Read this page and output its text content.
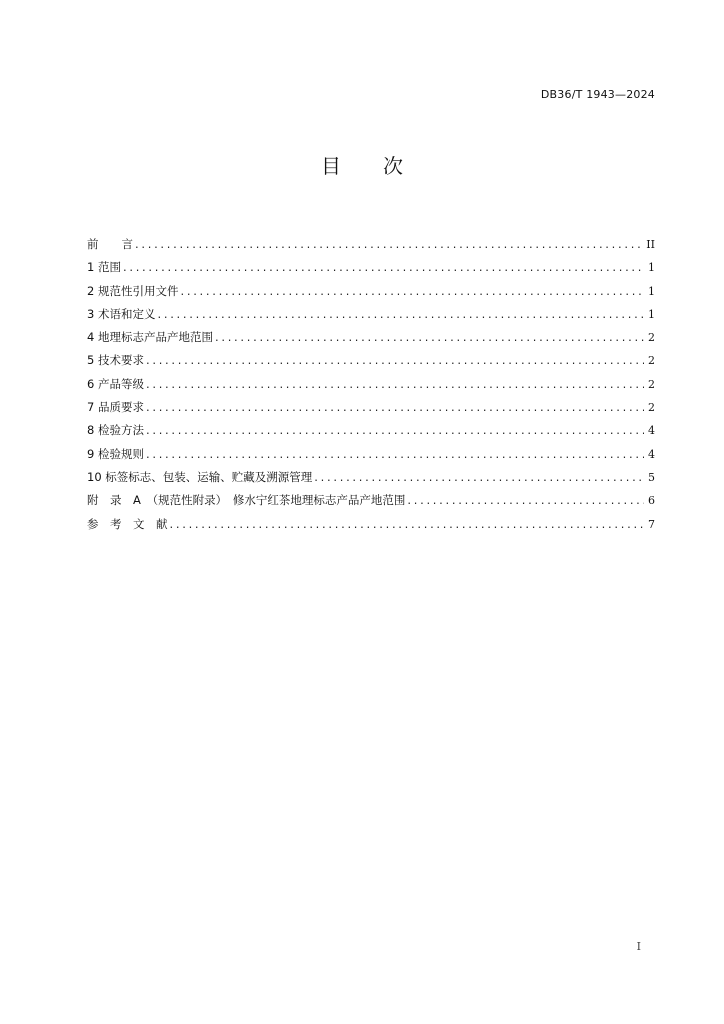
DB36/T 1943—2024
目 次
前　　言 .....	II
1 范围 .....	1
2 规范性引用文件 .....	1
3 术语和定义 .....	1
4 地理标志产品产地范围 .....	2
5 技术要求 .....	2
6 产品等级 .....	2
7 品质要求 .....	2
8 检验方法 .....	4
9 检验规则 .....	4
10 标签标志、包装、运输、贮藏及溯源管理 .....	5
附　录　A　（规范性附录）　修水宁红茶地理标志产品产地范围 .....	6
参　考　文　献 .....	7
I
